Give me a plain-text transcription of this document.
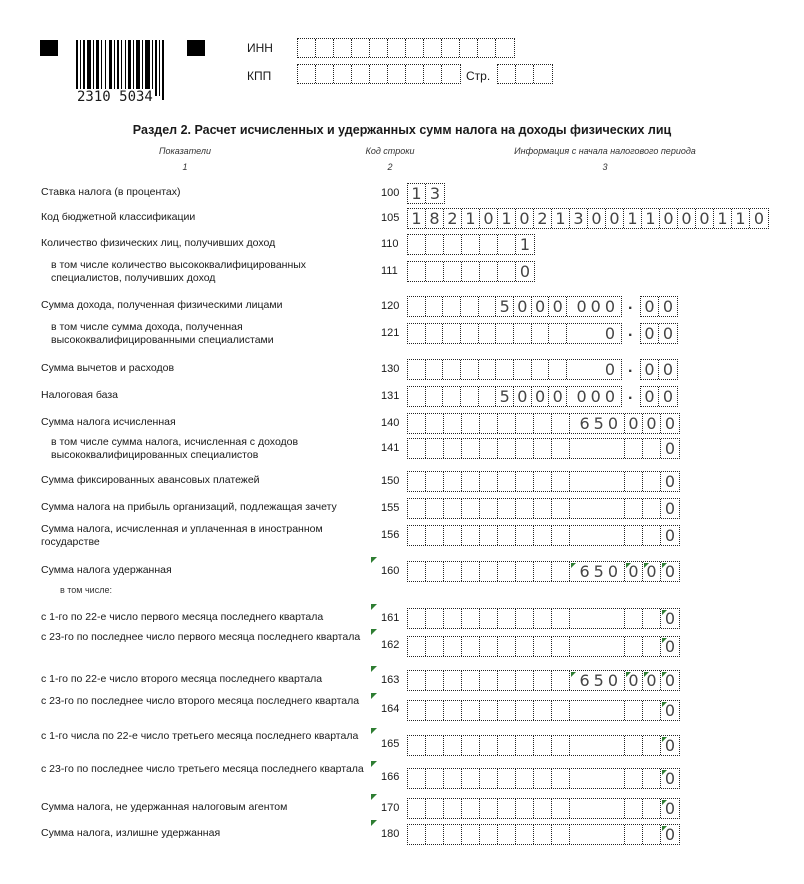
2310 5034
ИНН
КПП	Стр.
Раздел 2. Расчет исчисленных и удержанных сумм налога на доходы физических лиц
Показатели	Код строки	Информация с начала налогового периода
1	2	3
Ставка налога (в процентах)	100 1 3
Код бюджетной классификации	105 1 8 2 1 0 1 0 2 1 3 0 0 1 1 0 0 0 1 1 0
Количество физических лиц, получивших доход	110	1
в том числе количество высококвалифицированных специалистов, получивших доход
111	0
Сумма дохода, полученная физическими лицами	120	5 0 0 0 000 . 0 0
в том числе сумма дохода, полученная высококвалифицированными специалистами
121	0 . 0 0
Сумма вычетов и расходов	130	0 . 0 0
Налоговая база	131	5 0 0 0 000 . 0 0
Сумма налога исчисленная	140	650 0 0 0
в том числе сумма налога, исчисленная с доходов высококвалифицированных специалистов
141	0
Сумма фиксированных авансовых платежей	150	0
Сумма налога на прибыль организаций, подлежащая зачету	155	0
Сумма налога, исчисленная и уплаченная в иностранном государстве
156	0
Сумма налога удержанная	160	650 0 0 0
с 1-го по 22-е число первого месяца последнего квартала	161	0
с 23-го по последнее число первого месяца последнего квартала
162	0
с 1-го по 22-е число второго месяца последнего квартала	163	650 0 0 0
с 23-го по последнее число второго месяца последнего квартала
164	0
с 1-го числа по 22-е число третьего месяца последнего квартала
165	0
с 23-го по последнее число третьего месяца последнего квартала
166	0
Сумма налога, не удержанная налоговым агентом	170	0
Сумма налога, излишне удержанная	180	0
в том числе:
